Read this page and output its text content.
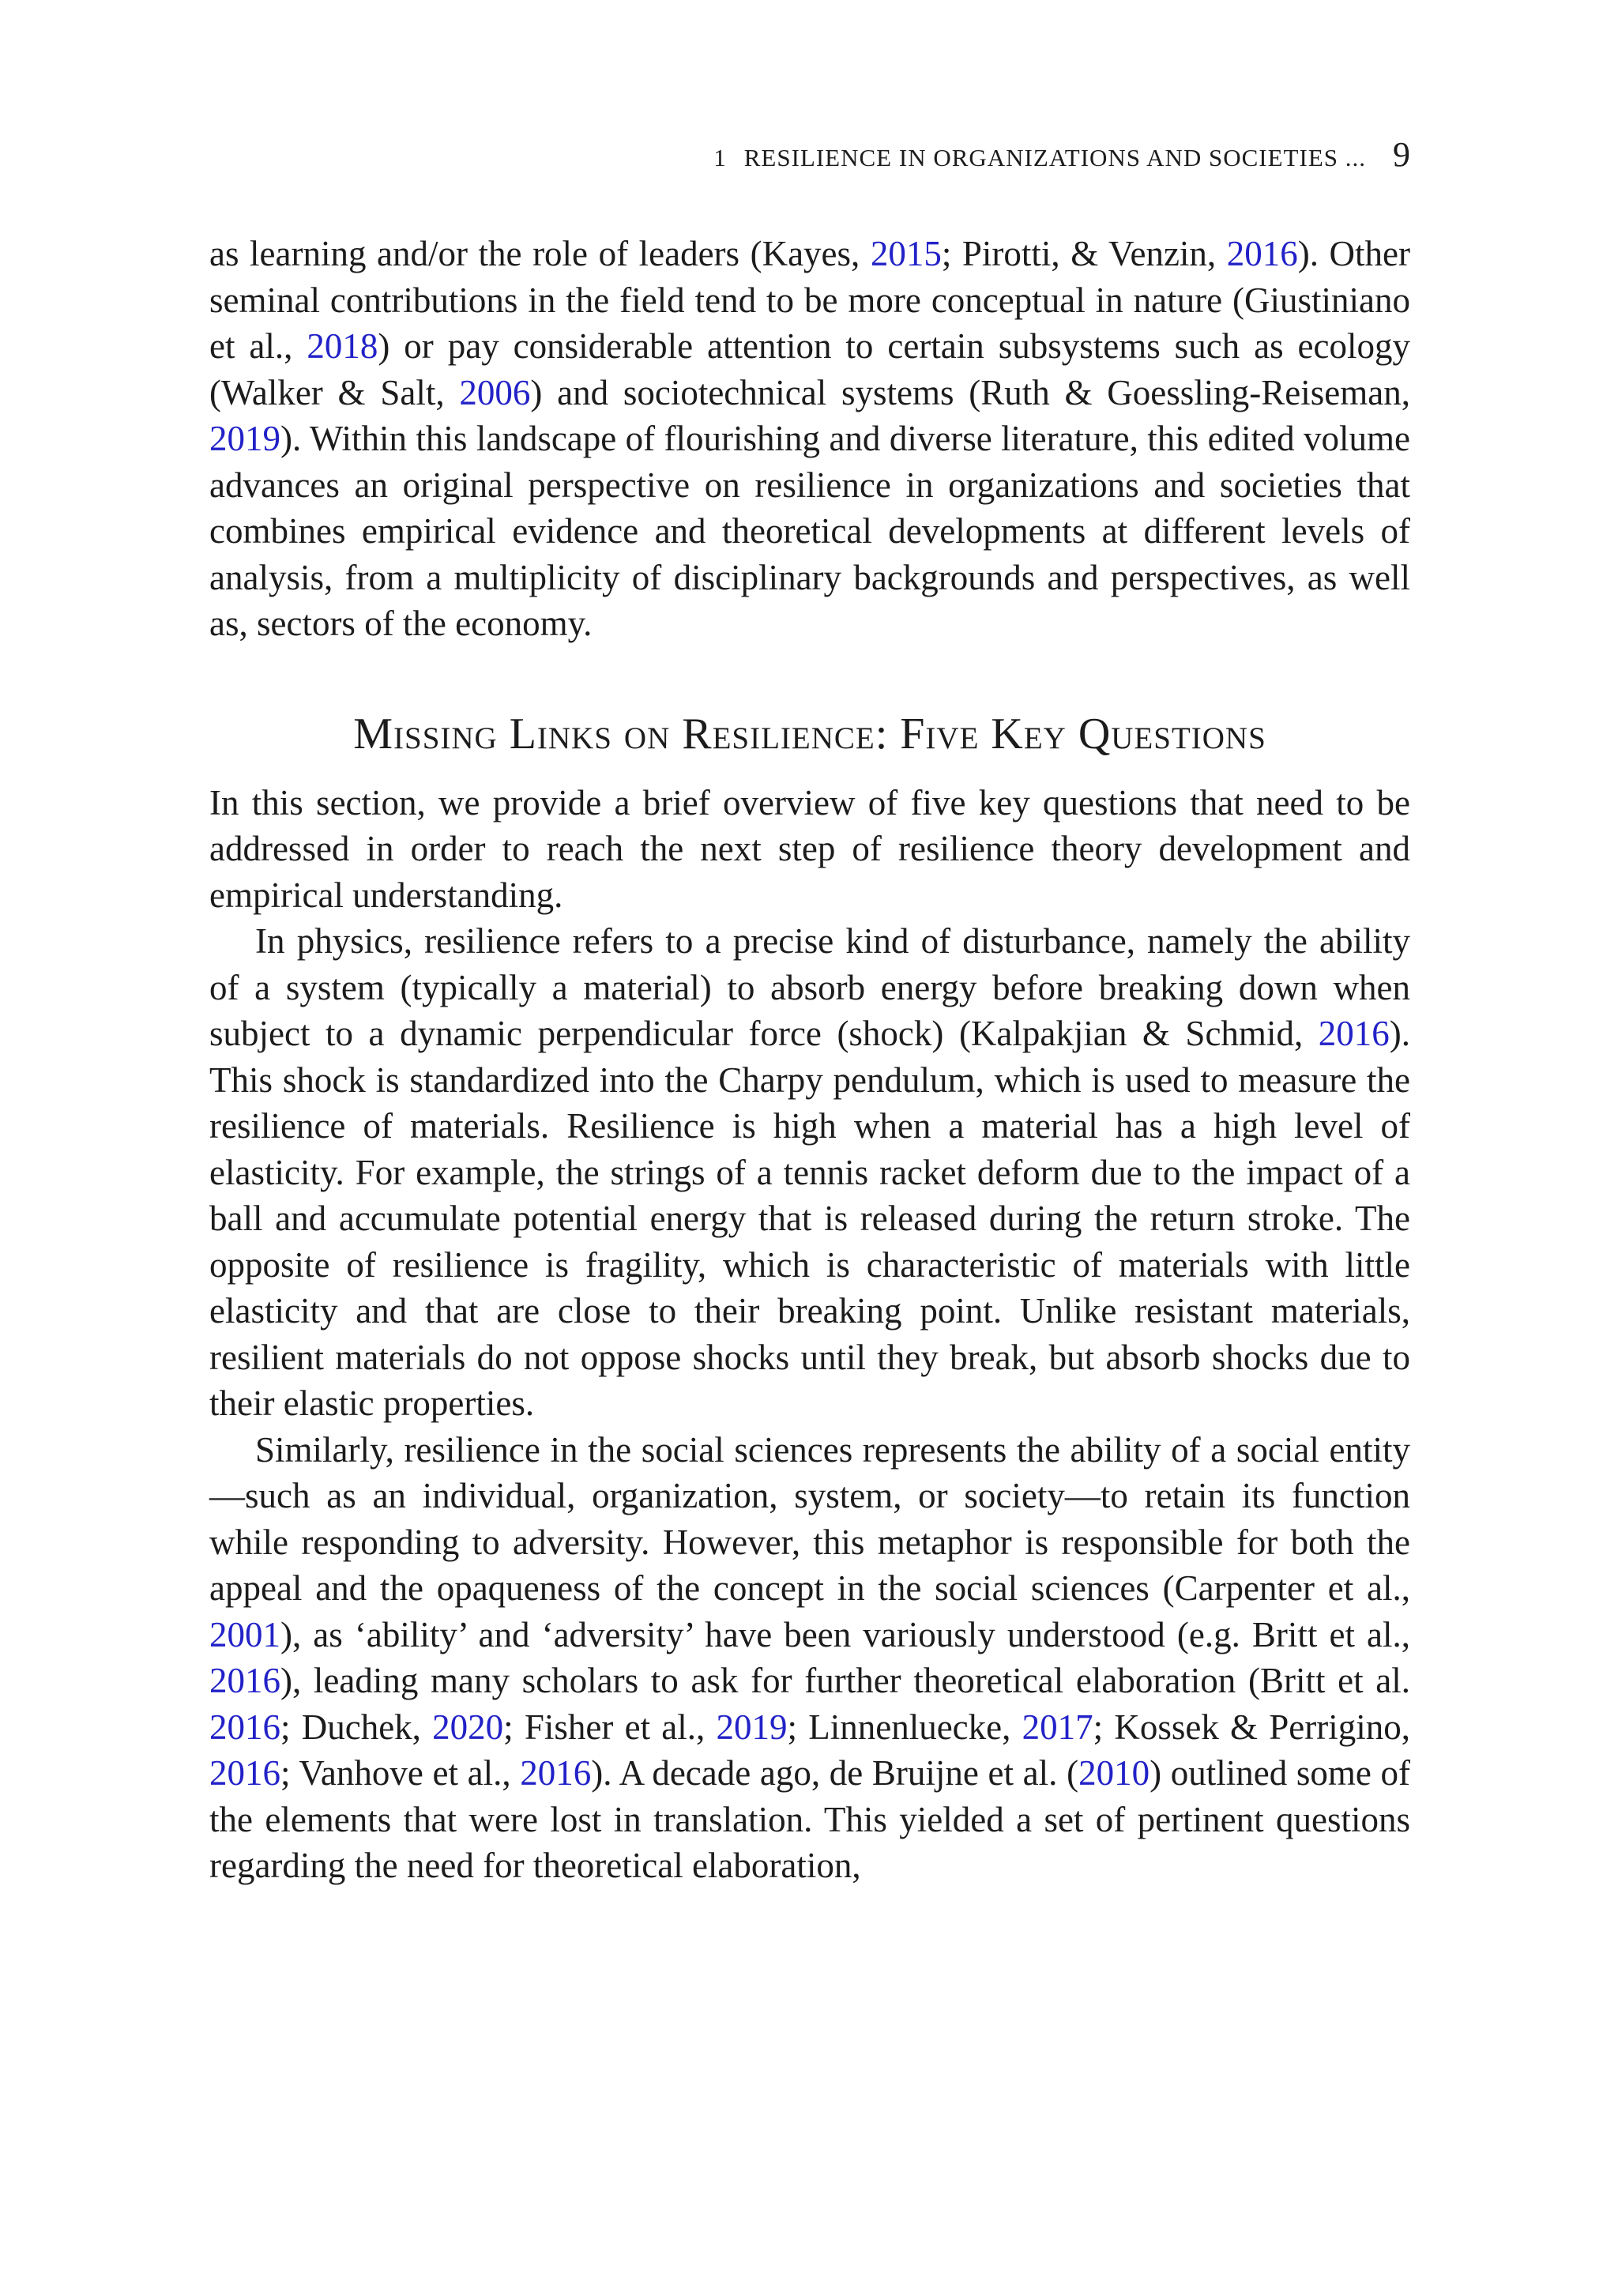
1 RESILIENCE IN ORGANIZATIONS AND SOCIETIES ... 9

as learning and/or the role of leaders (Kayes, 2015; Pirotti, & Venzin, 2016). Other seminal contributions in the field tend to be more conceptual in nature (Giustiniano et al., 2018) or pay considerable attention to certain subsystems such as ecology (Walker & Salt, 2006) and sociotechnical systems (Ruth & Goessling-Reiseman, 2019). Within this landscape of flourishing and diverse literature, this edited volume advances an original perspective on resilience in organizations and societies that combines empirical evidence and theoretical developments at different levels of analysis, from a multiplicity of disciplinary backgrounds and perspectives, as well as, sectors of the economy.

Missing Links on Resilience: Five Key Questions

In this section, we provide a brief overview of five key questions that need to be addressed in order to reach the next step of resilience theory development and empirical understanding.

In physics, resilience refers to a precise kind of disturbance, namely the ability of a system (typically a material) to absorb energy before breaking down when subject to a dynamic perpendicular force (shock) (Kalpakjian & Schmid, 2016). This shock is standardized into the Charpy pendulum, which is used to measure the resilience of materials. Resilience is high when a material has a high level of elasticity. For example, the strings of a tennis racket deform due to the impact of a ball and accumulate potential energy that is released during the return stroke. The opposite of resilience is fragility, which is characteristic of materials with little elasticity and that are close to their breaking point. Unlike resistant materials, resilient materials do not oppose shocks until they break, but absorb shocks due to their elastic properties.

Similarly, resilience in the social sciences represents the ability of a social entity—such as an individual, organization, system, or society—to retain its function while responding to adversity. However, this metaphor is responsible for both the appeal and the opaqueness of the concept in the social sciences (Carpenter et al., 2001), as ‘ability’ and ‘adversity’ have been variously understood (e.g. Britt et al., 2016), leading many scholars to ask for further theoretical elaboration (Britt et al. 2016; Duchek, 2020; Fisher et al., 2019; Linnenluecke, 2017; Kossek & Perrigino, 2016; Vanhove et al., 2016). A decade ago, de Bruijne et al. (2010) outlined some of the elements that were lost in translation. This yielded a set of pertinent questions regarding the need for theoretical elaboration,
